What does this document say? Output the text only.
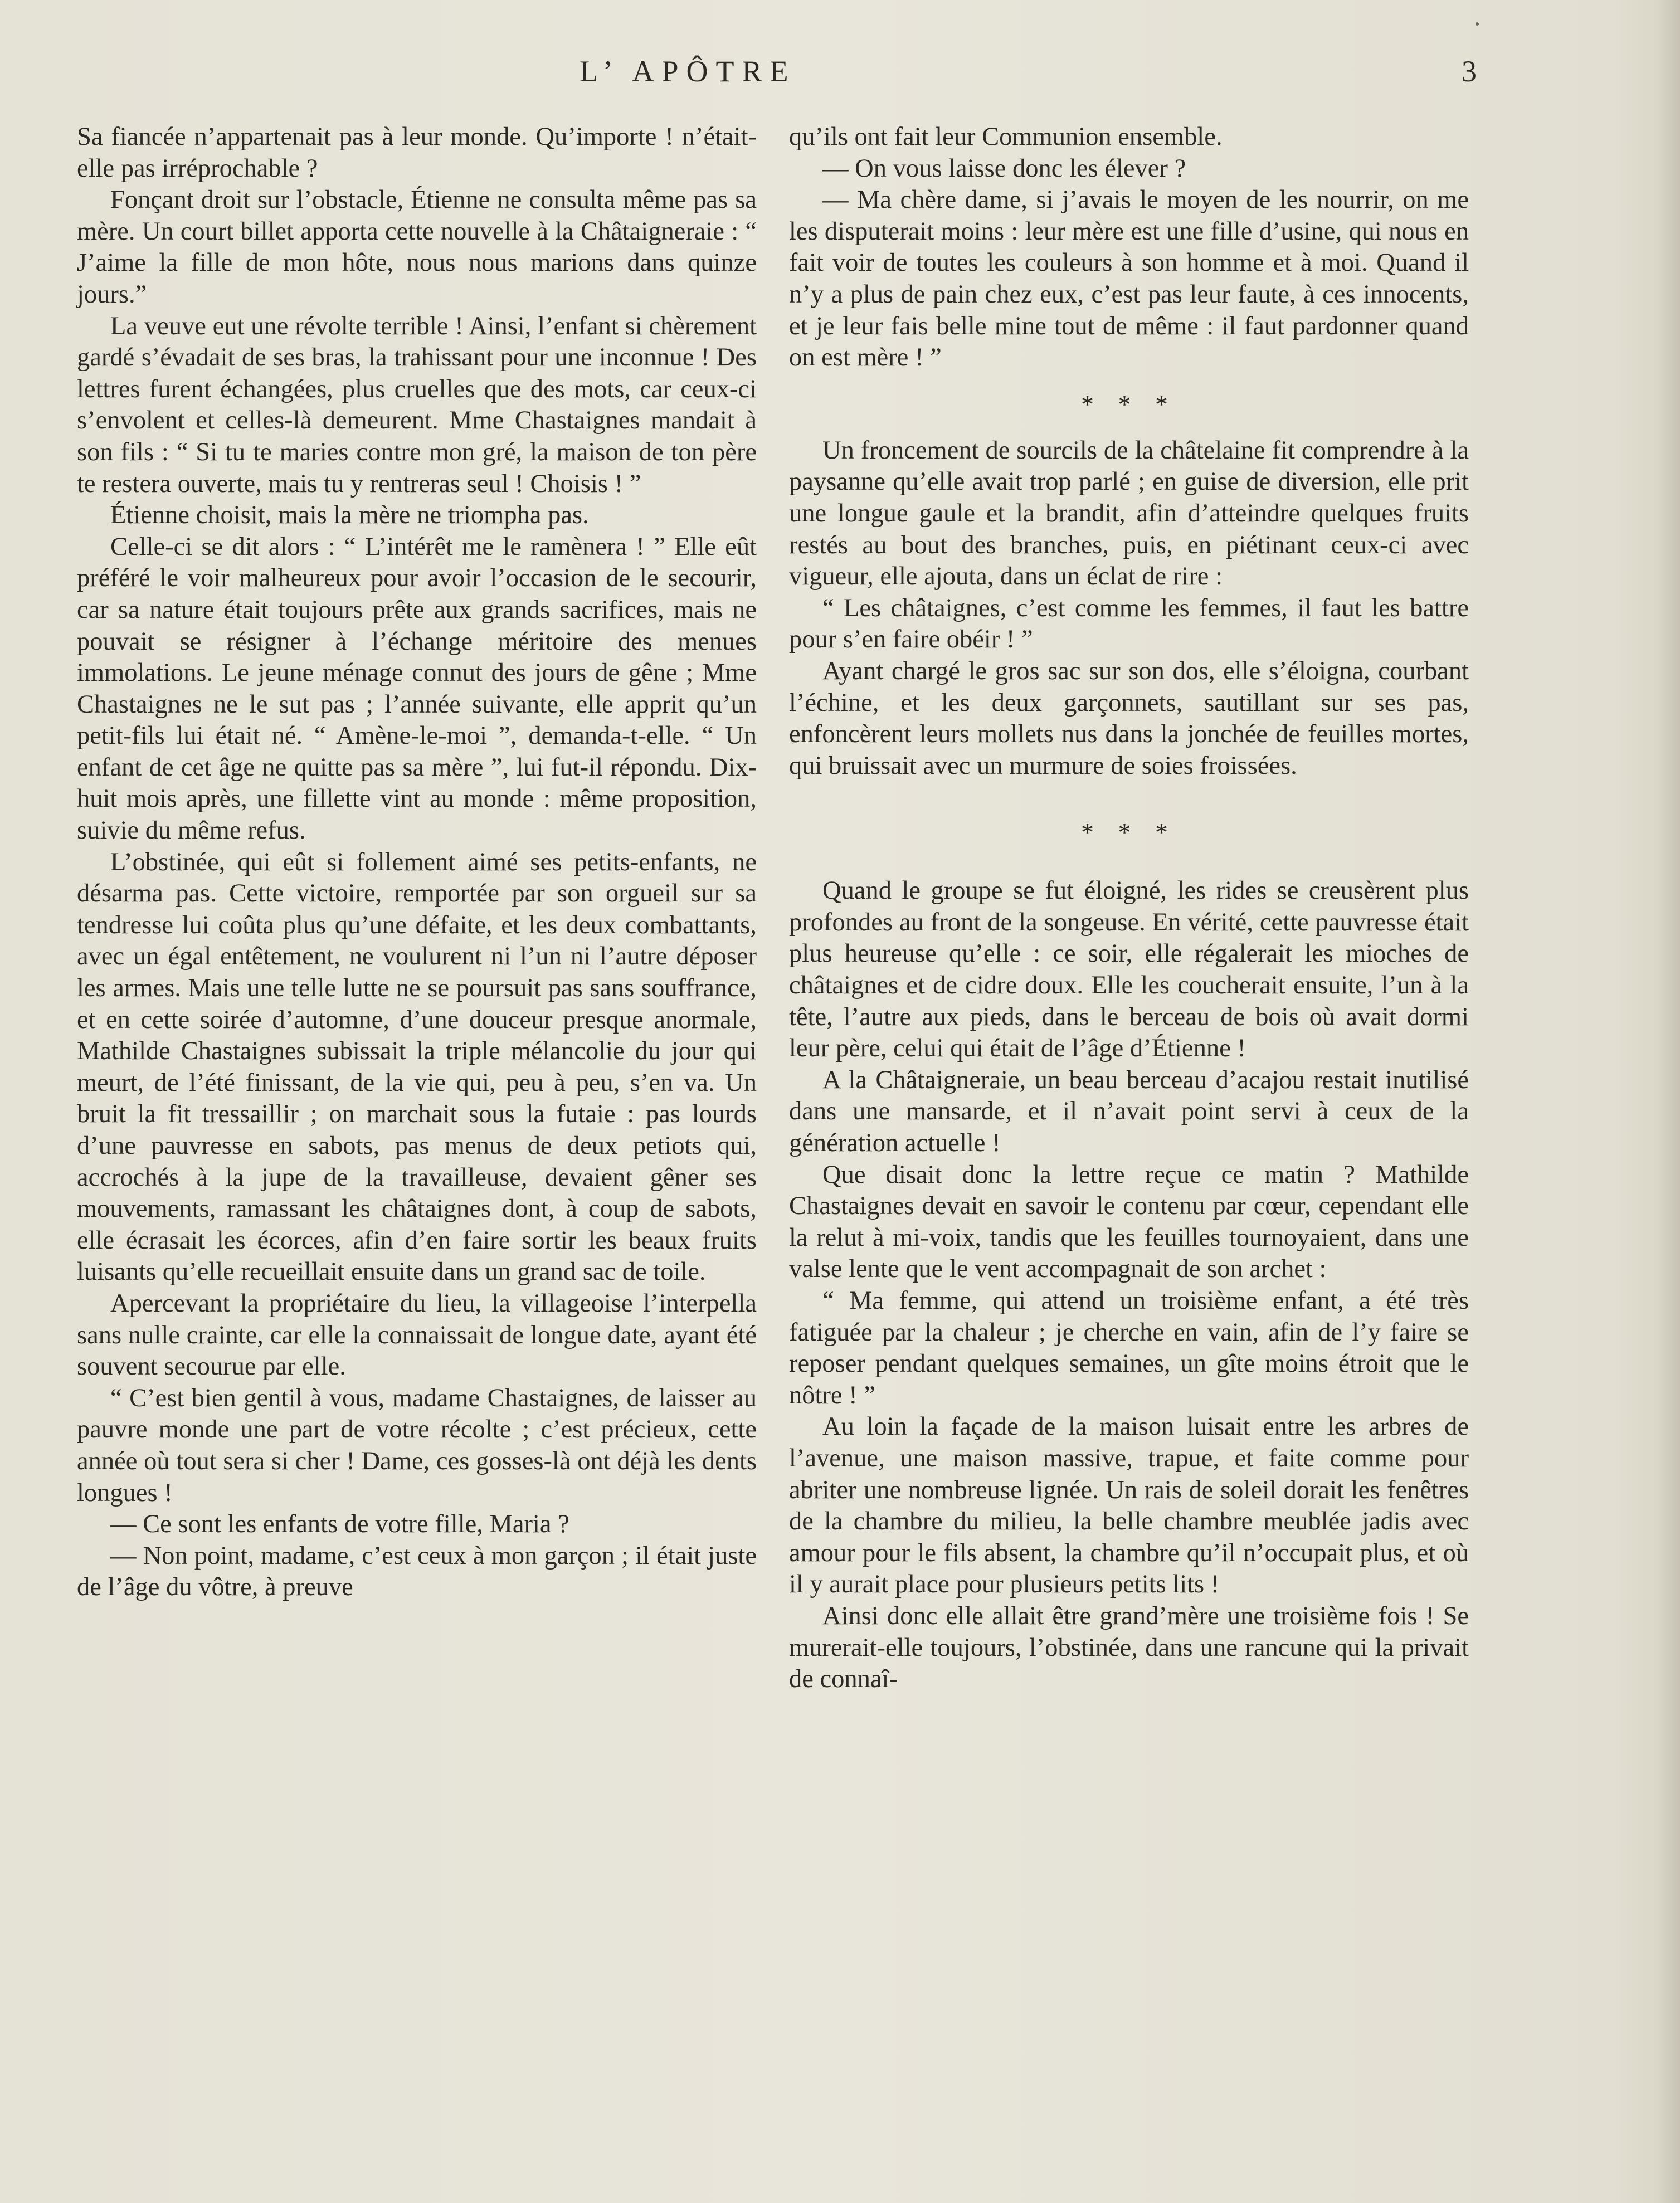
L’ APÔTRE	3

Sa fiancée n’appartenait pas à leur monde. Qu’importe ! n’était-elle pas irréprochable ?

Fonçant droit sur l’obstacle, Étienne ne consulta même pas sa mère. Un court billet apporta cette nouvelle à la Châtaigneraie : “ J’aime la fille de mon hôte, nous nous marions dans quinze jours.”

La veuve eut une révolte terrible ! Ainsi, l’enfant si chèrement gardé s’évadait de ses bras, la trahissant pour une inconnue ! Des lettres furent échangées, plus cruelles que des mots, car ceux-ci s’envolent et celles-là demeurent. Mme Chastaignes mandait à son fils : “ Si tu te maries contre mon gré, la maison de ton père te restera ouverte, mais tu y rentreras seul ! Choisis ! ”

Étienne choisit, mais la mère ne triompha pas.

Celle-ci se dit alors : “ L’intérêt me le ramènera ! ” Elle eût préféré le voir malheureux pour avoir l’occasion de le secourir, car sa nature était toujours prête aux grands sacrifices, mais ne pouvait se résigner à l’échange méritoire des menues immolations. Le jeune ménage connut des jours de gêne ; Mme Chastaignes ne le sut pas ; l’année suivante, elle apprit qu’un petit-fils lui était né. “ Amène-le-moi ”, demanda-t-elle. “ Un enfant de cet âge ne quitte pas sa mère ”, lui fut-il répondu. Dix-huit mois après, une fillette vint au monde : même proposition, suivie du même refus.

L’obstinée, qui eût si follement aimé ses petits-enfants, ne désarma pas. Cette victoire, remportée par son orgueil sur sa tendresse lui coûta plus qu’une défaite, et les deux combattants, avec un égal entêtement, ne voulurent ni l’un ni l’autre déposer les armes. Mais une telle lutte ne se poursuit pas sans souffrance, et en cette soirée d’automne, d’une douceur presque anormale, Mathilde Chastaignes subissait la triple mélancolie du jour qui meurt, de l’été finissant, de la vie qui, peu à peu, s’en va. Un bruit la fit tressaillir ; on marchait sous la futaie : pas lourds d’une pauvresse en sabots, pas menus de deux petiots qui, accrochés à la jupe de la travailleuse, devaient gêner ses mouvements, ramassant les châtaignes dont, à coup de sabots, elle écrasait les écorces, afin d’en faire sortir les beaux fruits luisants qu’elle recueillait ensuite dans un grand sac de toile.

Apercevant la propriétaire du lieu, la villageoise l’interpella sans nulle crainte, car elle la connaissait de longue date, ayant été souvent secourue par elle.

“ C’est bien gentil à vous, madame Chastaignes, de laisser au pauvre monde une part de votre récolte ; c’est précieux, cette année où tout sera si cher ! Dame, ces gosses-là ont déjà les dents longues !

— Ce sont les enfants de votre fille, Maria ?

— Non point, madame, c’est ceux à mon garçon ; il était juste de l’âge du vôtre, à preuve

qu’ils ont fait leur Communion ensemble.

— On vous laisse donc les élever ?

— Ma chère dame, si j’avais le moyen de les nourrir, on me les disputerait moins : leur mère est une fille d’usine, qui nous en fait voir de toutes les couleurs à son homme et à moi. Quand il n’y a plus de pain chez eux, c’est pas leur faute, à ces innocents, et je leur fais belle mine tout de même : il faut pardonner quand on est mère ! ”

* * *

Un froncement de sourcils de la châtelaine fit comprendre à la paysanne qu’elle avait trop parlé ; en guise de diversion, elle prit une longue gaule et la brandit, afin d’atteindre quelques fruits restés au bout des branches, puis, en piétinant ceux-ci avec vigueur, elle ajouta, dans un éclat de rire :

“ Les châtaignes, c’est comme les femmes, il faut les battre pour s’en faire obéir ! ”

Ayant chargé le gros sac sur son dos, elle s’éloigna, courbant l’échine, et les deux garçonnets, sautillant sur ses pas, enfoncèrent leurs mollets nus dans la jonchée de feuilles mortes, qui bruissait avec un murmure de soies froissées.

* * *

Quand le groupe se fut éloigné, les rides se creusèrent plus profondes au front de la songeuse. En vérité, cette pauvresse était plus heureuse qu’elle : ce soir, elle régalerait les mioches de châtaignes et de cidre doux. Elle les coucherait ensuite, l’un à la tête, l’autre aux pieds, dans le berceau de bois où avait dormi leur père, celui qui était de l’âge d’Étienne !

A la Châtaigneraie, un beau berceau d’acajou restait inutilisé dans une mansarde, et il n’avait point servi à ceux de la génération actuelle !

Que disait donc la lettre reçue ce matin ? Mathilde Chastaignes devait en savoir le contenu par cœur, cependant elle la relut à mi-voix, tandis que les feuilles tournoyaient, dans une valse lente que le vent accompagnait de son archet :

“ Ma femme, qui attend un troisième enfant, a été très fatiguée par la chaleur ; je cherche en vain, afin de l’y faire se reposer pendant quelques semaines, un gîte moins étroit que le nôtre ! ”

Au loin la façade de la maison luisait entre les arbres de l’avenue, une maison massive, trapue, et faite comme pour abriter une nombreuse lignée. Un rais de soleil dorait les fenêtres de la chambre du milieu, la belle chambre meublée jadis avec amour pour le fils absent, la chambre qu’il n’occupait plus, et où il y aurait place pour plusieurs petits lits !

Ainsi donc elle allait être grand’mère une troisième fois ! Se murerait-elle toujours, l’obstinée, dans une rancune qui la privait de connaî-
